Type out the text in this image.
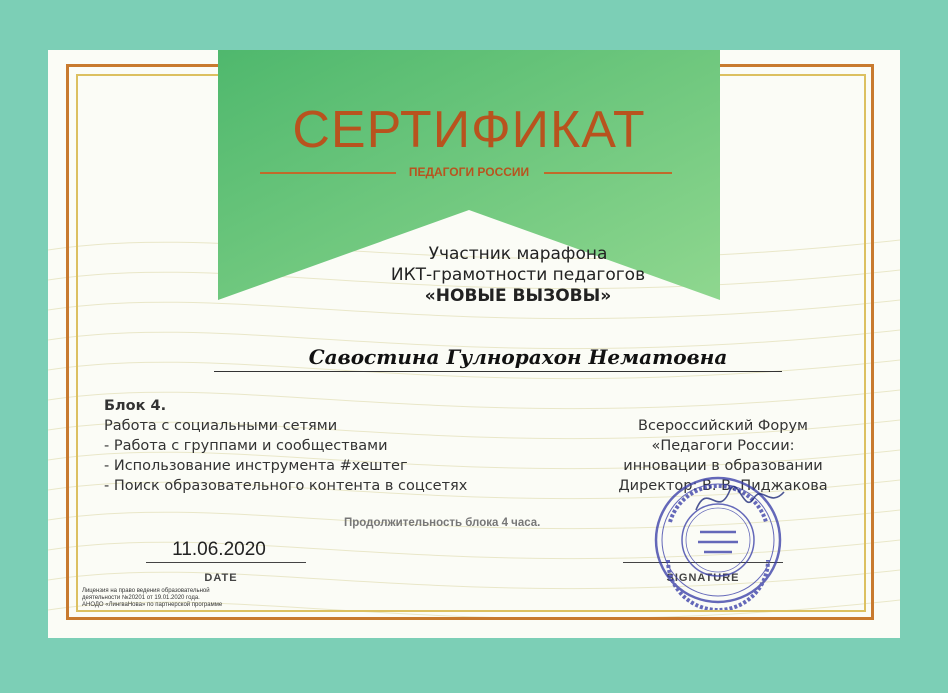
СЕРТИФИКАТ
ПЕДАГОГИ РОССИИ
Участник марафона
ИКТ-грамотности педагогов
«НОВЫЕ ВЫЗОВЫ»
Савостина Гулнорахон Нематовна
Блок 4.
Работа с социальными сетями
- Работа с группами и сообществами
- Использование инструмента #хештег
- Поиск образовательного контента в соцсетях
Всероссийский Форум
«Педагоги России:
инновации в образовании
Директор: В. В. Пиджакова
Продолжительность блока 4 часа.
11.06.2020
DATE	SIGNATURE
Лицензия на право ведения образовательной
деятельности №20201 от 19.01.2020 года.
АНОДО «ЛингваНова» по партнерской программе
